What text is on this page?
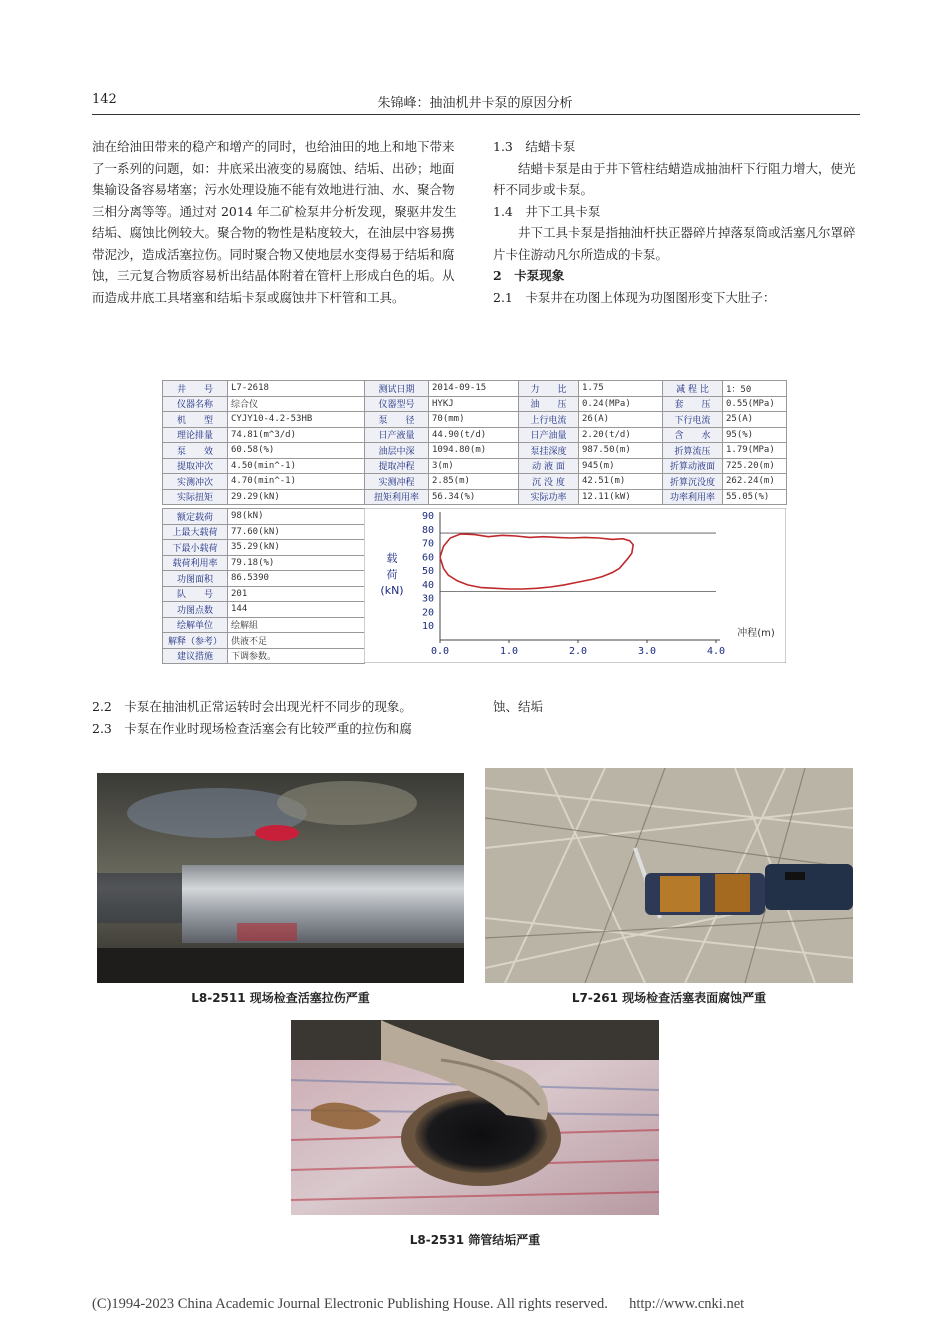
142	朱锦峰：抽油机井卡泵的原因分析

油在给油田带来的稳产和增产的同时，也给油田的地上和地下带来了一系列的问题，如：井底采出液变的易腐蚀、结垢、出砂；地面集输设备容易堵塞；污水处理设施不能有效地进行油、水、聚合物三相分离等等。通过对 2014 年二矿检泵井分析发现，聚驱井发生结垢、腐蚀比例较大。聚合物的物性是粘度较大，在油层中容易携带泥沙，造成活塞拉伤。同时聚合物又使地层水变得易于结垢和腐蚀，三元复合物质容易析出结晶体附着在管杆上形成白色的垢。从而造成井底工具堵塞和结垢卡泵或腐蚀井下杆管和工具。

1.3　结蜡卡泵

结蜡卡泵是由于井下管柱结蜡造成抽油杆下行阻力增大，使光杆不同步或卡泵。

1.4　井下工具卡泵

井下工具卡泵是指抽油杆扶正器碎片掉落泵筒或活塞凡尔罩碎片卡住游动凡尔所造成的卡泵。

2　卡泵现象

2.1　卡泵井在功图上体现为功图图形变下大肚子：

井　　号	L7-2618	测试日期	2014-09-15	力　　比	1.75	减 程 比	1：50
仪器名称	综合仪	仪器型号	HYKJ	油　　压	0.24(MPa)	套　　压	0.55(MPa)
机　　型	CYJY10-4.2-53HB	泵　　径	70(mm)	上行电流	26(A)	下行电流	25(A)
理论排量	74.81(m^3/d)	日产液量	44.90(t/d)	日产油量	2.20(t/d)	含　　水	95(%)
泵　　效	60.58(%)	油层中深	1094.80(m)	泵挂深度	987.50(m)	折算流压	1.79(MPa)
提取冲次	4.50(min^-1)	提取冲程	3(m)	动 液 面	945(m)	折算动液面	725.20(m)
实测冲次	4.70(min^-1)	实测冲程	2.85(m)	沉 没 度	42.51(m)	折算沉没度	262.24(m)
实际扭矩	29.29(kN)	扭矩利用率	56.34(%)	实际功率	12.11(kW)	功率利用率	55.05(%)
额定载荷	98(kN)
上最大载荷	77.60(kN)
下最小载荷	35.29(kN)
载荷利用率	79.18(%)
功图面积	86.5390
队　　号	201
功图点数	144
绘解单位	绘解組
解释（参考）	供液不足
建议措施	下调参数。
90
80
70
60
50
40
30
20
10
0.0	1.0	2.0	3.0	4.0
载
荷
(kN)
冲程(m)

2.2　卡泵在抽油机正常运转时会出现光杆不同步的现象。

2.3　卡泵在作业时现场检查活塞会有比较严重的拉伤和腐

蚀、结垢

L8-2511 现场检查活塞拉伤严重	L7-261 现场检查活塞表面腐蚀严重
L8-2531 筛管结垢严重
(C)1994-2023 China Academic Journal Electronic Publishing House. All rights reserved. http://www.cnki.net
